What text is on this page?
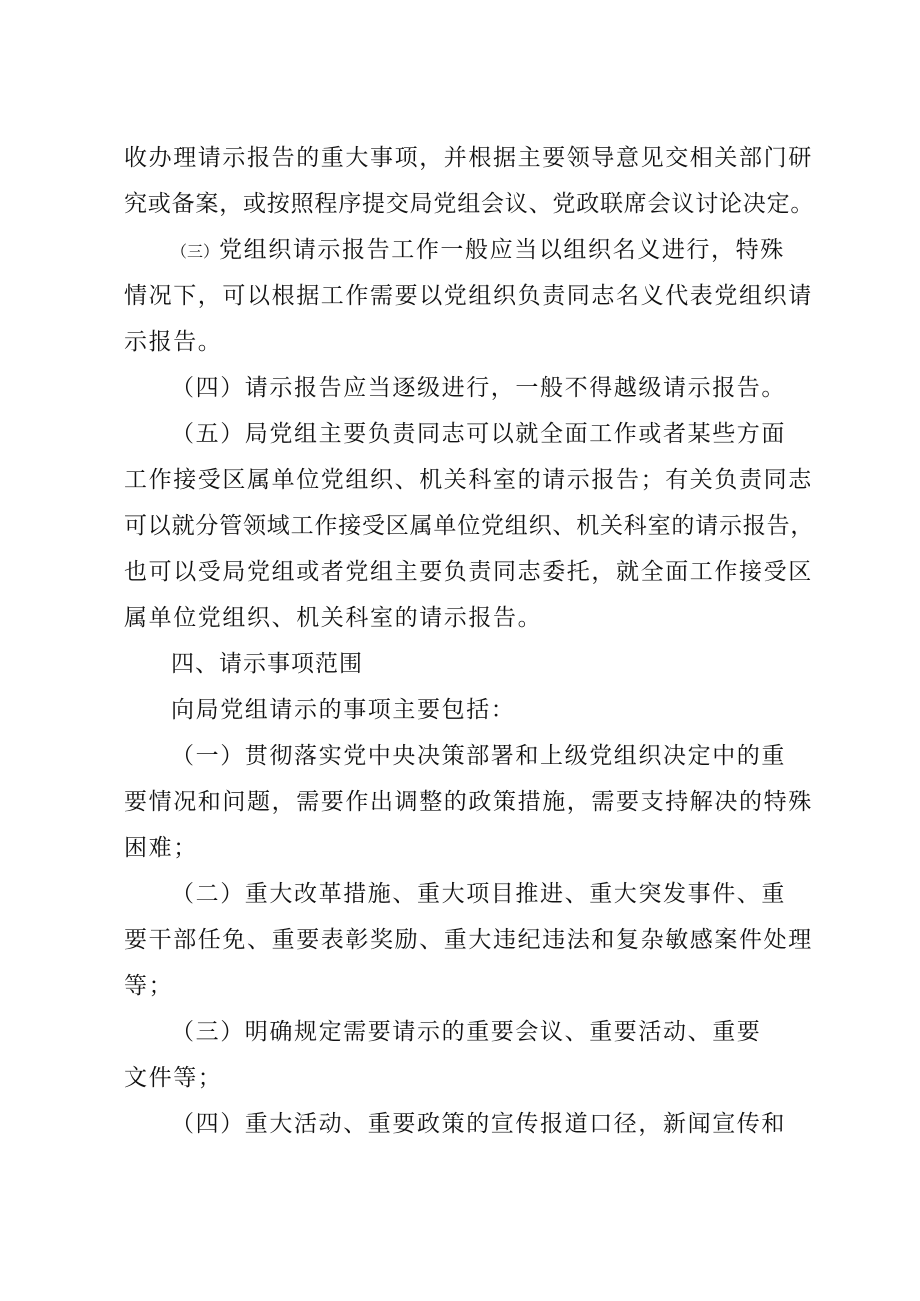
收办理请示报告的重大事项，并根据主要领导意见交相关部门研
究或备案，或按照程序提交局党组会议、党政联席会议讨论决定。
（三）党组织请示报告工作一般应当以组织名义进行，特殊
情况下，可以根据工作需要以党组织负责同志名义代表党组织请
示报告。
（四）请示报告应当逐级进行，一般不得越级请示报告。
（五）局党组主要负责同志可以就全面工作或者某些方面
工作接受区属单位党组织、机关科室的请示报告；有关负责同志
可以就分管领域工作接受区属单位党组织、机关科室的请示报告，
也可以受局党组或者党组主要负责同志委托，就全面工作接受区
属单位党组织、机关科室的请示报告。
四、请示事项范围
向局党组请示的事项主要包括：
（一）贯彻落实党中央决策部署和上级党组织决定中的重
要情况和问题，需要作出调整的政策措施，需要支持解决的特殊
困难；
（二）重大改革措施、重大项目推进、重大突发事件、重
要干部任免、重要表彰奖励、重大违纪违法和复杂敏感案件处理
等；
（三）明确规定需要请示的重要会议、重要活动、重要
文件等；
（四）重大活动、重要政策的宣传报道口径，新闻宣传和
